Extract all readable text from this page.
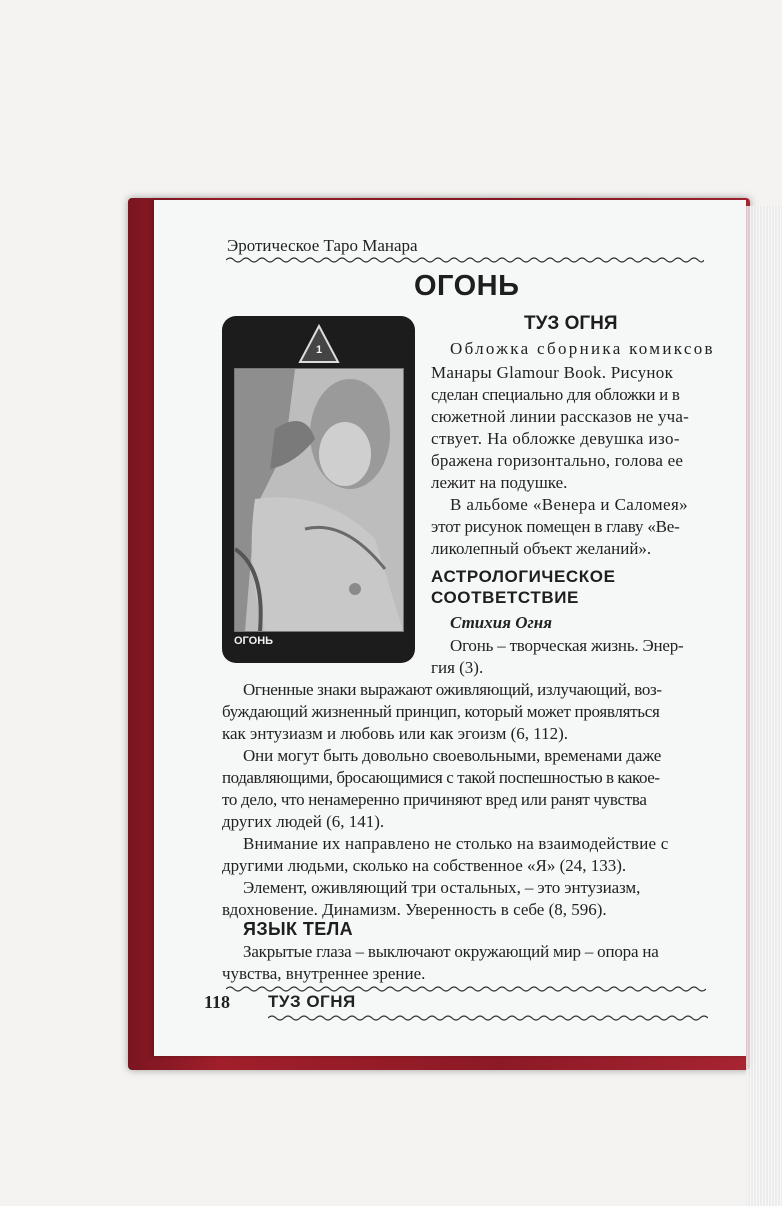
Эротическое Таро Манара
ОГОНЬ
ТУЗ ОГНЯ
1
ОГОНЬ
Обложка сборника комиксов
Манары Glamour Book. Рисунок
сделан специально для обложки и в
сюжетной линии рассказов не уча-
ствует. На обложке девушка изо-
бражена горизонтально, голова ее
лежит на подушке.
В альбоме «Венера и Саломея»
этот рисунок помещен в главу «Ве-
ликолепный объект желаний».
АСТРОЛОГИЧЕСКОЕ
СООТВЕТСТВИЕ
Стихия Огня
Огонь – творческая жизнь. Энер-
гия (3).
Огненные знаки выражают оживляющий, излучающий, воз-
буждающий жизненный принцип, который может проявляться
как энтузиазм и любовь или как эгоизм (6, 112).
Они могут быть довольно своевольными, временами даже
подавляющими, бросающимися с такой поспешностью в какое-
то дело, что ненамеренно причиняют вред или ранят чувства
других людей (6, 141).
Внимание их направлено не столько на взаимодействие с
другими людьми, сколько на собственное «Я» (24, 133).
Элемент, оживляющий три остальных, – это энтузиазм,
вдохновение. Динамизм. Уверенность в себе (8, 596).
ЯЗЫК ТЕЛА
Закрытые глаза – выключают окружающий мир – опора на
чувства, внутреннее зрение.
118 ТУЗ ОГНЯ
